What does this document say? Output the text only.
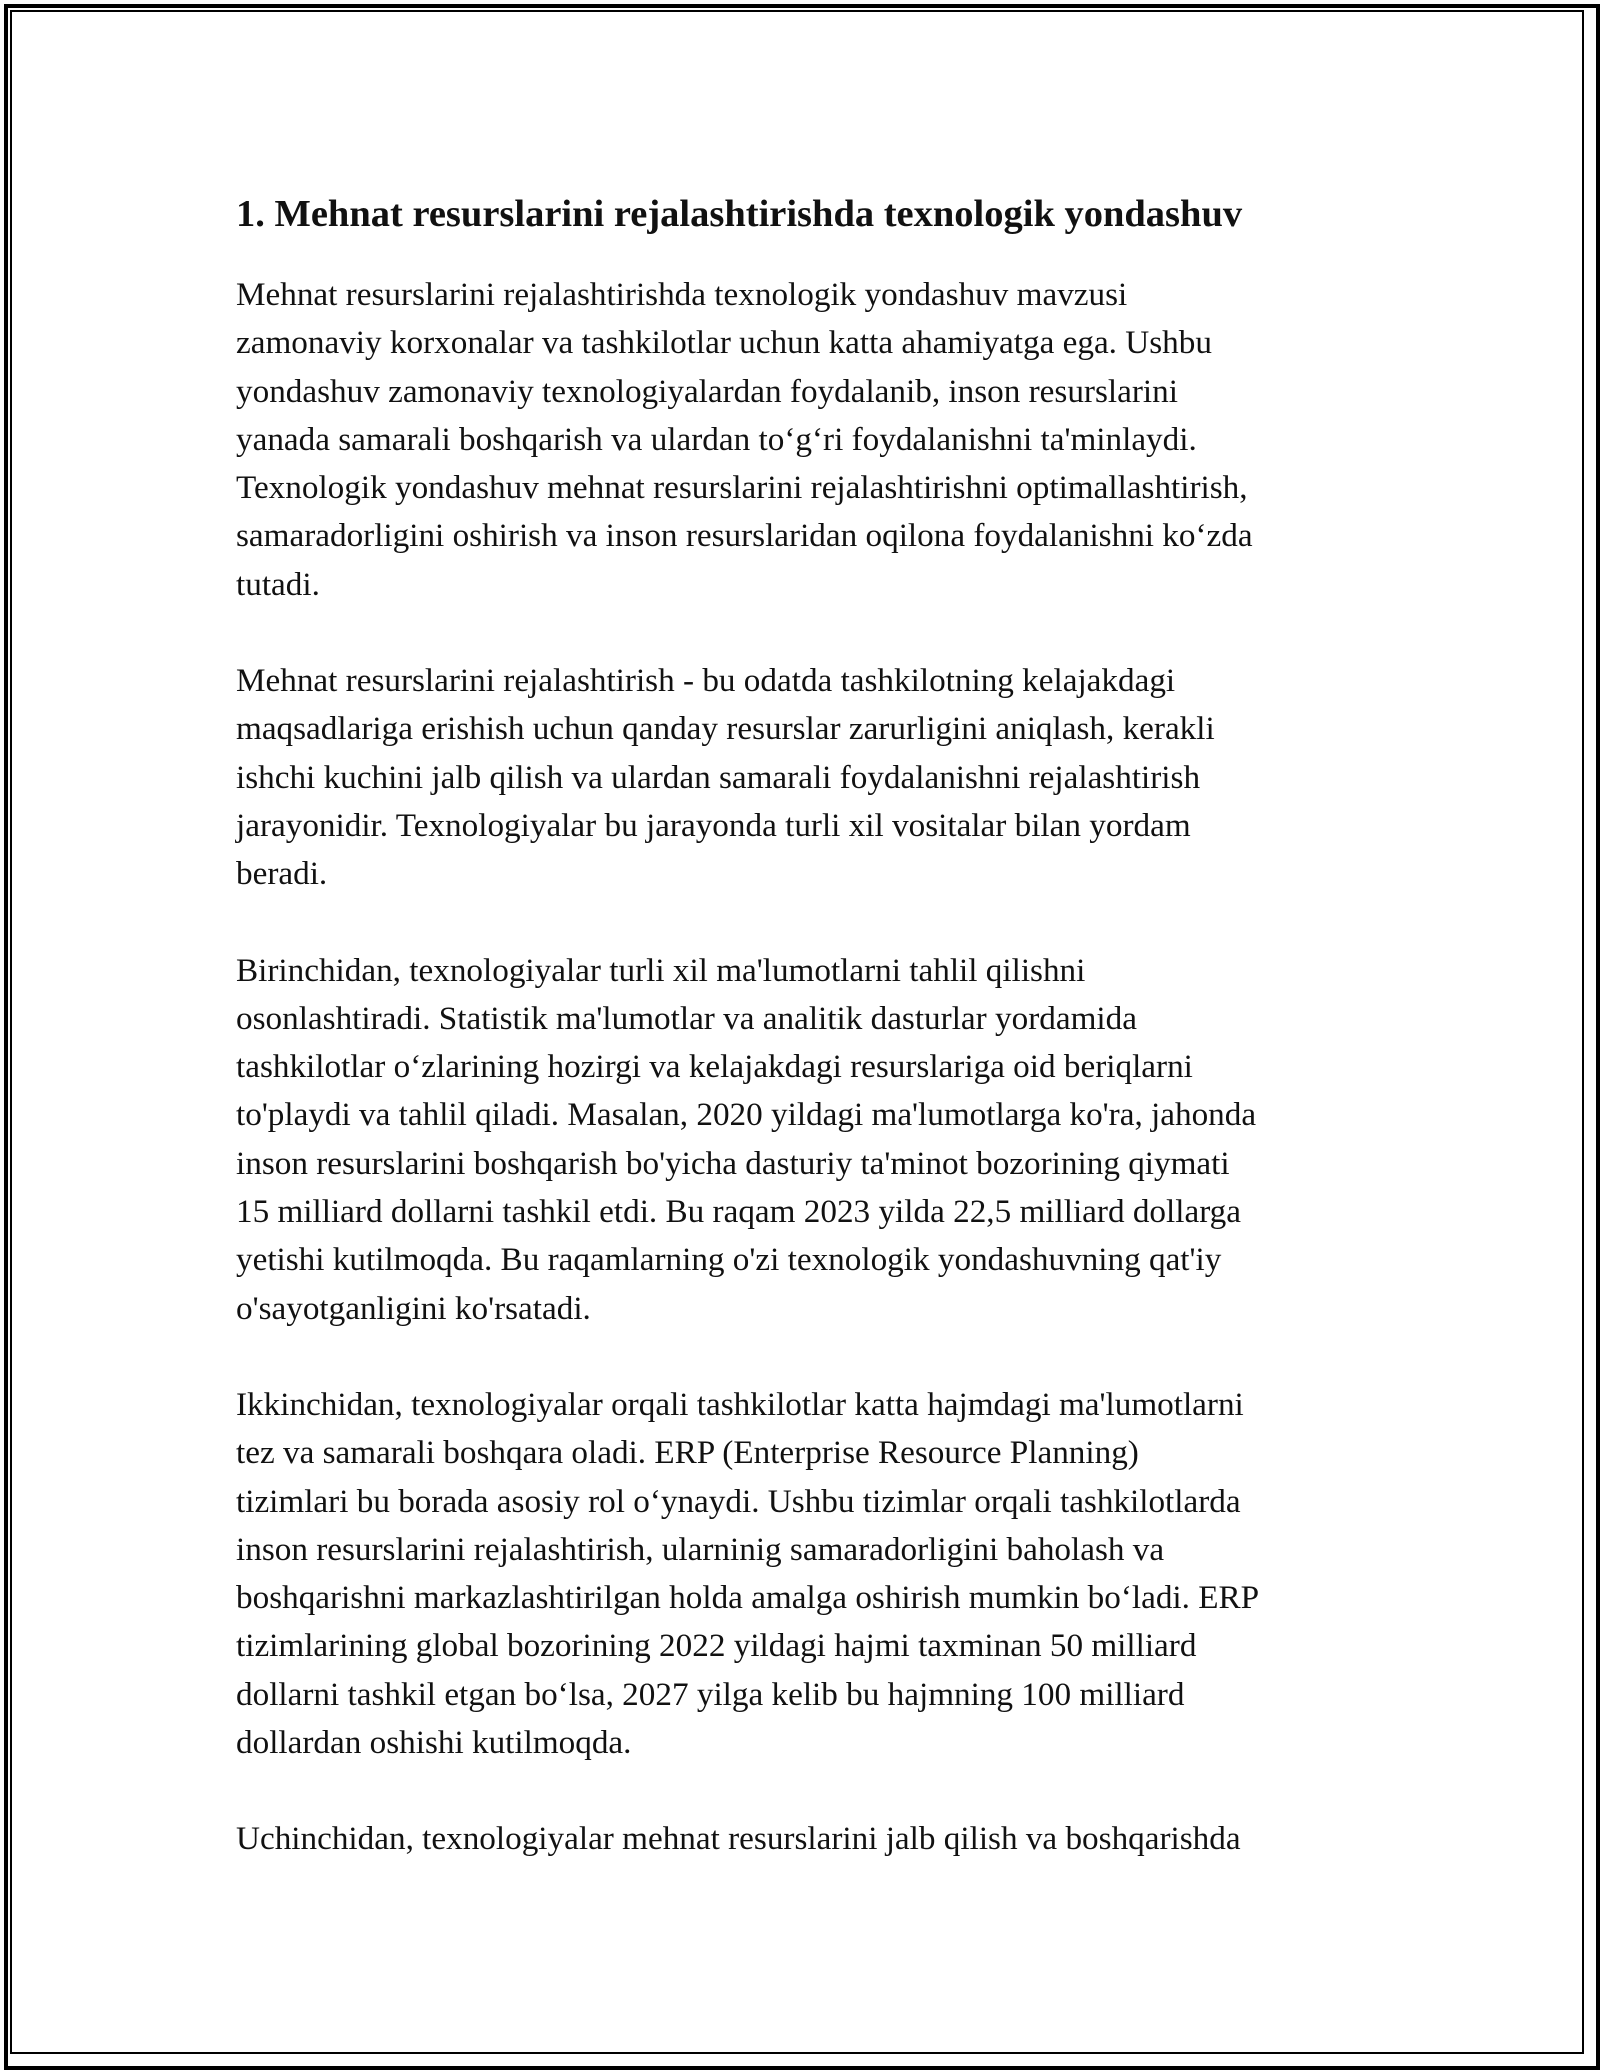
1. Mehnat resurslarini rejalashtirishda texnologik yondashuv

Mehnat resurslarini rejalashtirishda texnologik yondashuv mavzusi
zamonaviy korxonalar va tashkilotlar uchun katta ahamiyatga ega. Ushbu
yondashuv zamonaviy texnologiyalardan foydalanib, inson resurslarini
yanada samarali boshqarish va ulardan to‘g‘ri foydalanishni ta'minlaydi.
Texnologik yondashuv mehnat resurslarini rejalashtirishni optimallashtirish,
samaradorligini oshirish va inson resurslaridan oqilona foydalanishni ko‘zda
tutadi.

Mehnat resurslarini rejalashtirish - bu odatda tashkilotning kelajakdagi
maqsadlariga erishish uchun qanday resurslar zarurligini aniqlash, kerakli
ishchi kuchini jalb qilish va ulardan samarali foydalanishni rejalashtirish
jarayonidir. Texnologiyalar bu jarayonda turli xil vositalar bilan yordam
beradi.

Birinchidan, texnologiyalar turli xil ma'lumotlarni tahlil qilishni
osonlashtiradi. Statistik ma'lumotlar va analitik dasturlar yordamida
tashkilotlar o‘zlarining hozirgi va kelajakdagi resurslariga oid beriqlarni
to'playdi va tahlil qiladi. Masalan, 2020 yildagi ma'lumotlarga ko'ra, jahonda
inson resurslarini boshqarish bo'yicha dasturiy ta'minot bozorining qiymati
15 milliard dollarni tashkil etdi. Bu raqam 2023 yilda 22,5 milliard dollarga
yetishi kutilmoqda. Bu raqamlarning o'zi texnologik yondashuvning qat'iy
o'sayotganligini ko'rsatadi.

Ikkinchidan, texnologiyalar orqali tashkilotlar katta hajmdagi ma'lumotlarni
tez va samarali boshqara oladi. ERP (Enterprise Resource Planning)
tizimlari bu borada asosiy rol o‘ynaydi. Ushbu tizimlar orqali tashkilotlarda
inson resurslarini rejalashtirish, ularninig samaradorligini baholash va
boshqarishni markazlashtirilgan holda amalga oshirish mumkin bo‘ladi. ERP
tizimlarining global bozorining 2022 yildagi hajmi taxminan 50 milliard
dollarni tashkil etgan bo‘lsa, 2027 yilga kelib bu hajmning 100 milliard
dollardan oshishi kutilmoqda.

Uchinchidan, texnologiyalar mehnat resurslarini jalb qilish va boshqarishda
